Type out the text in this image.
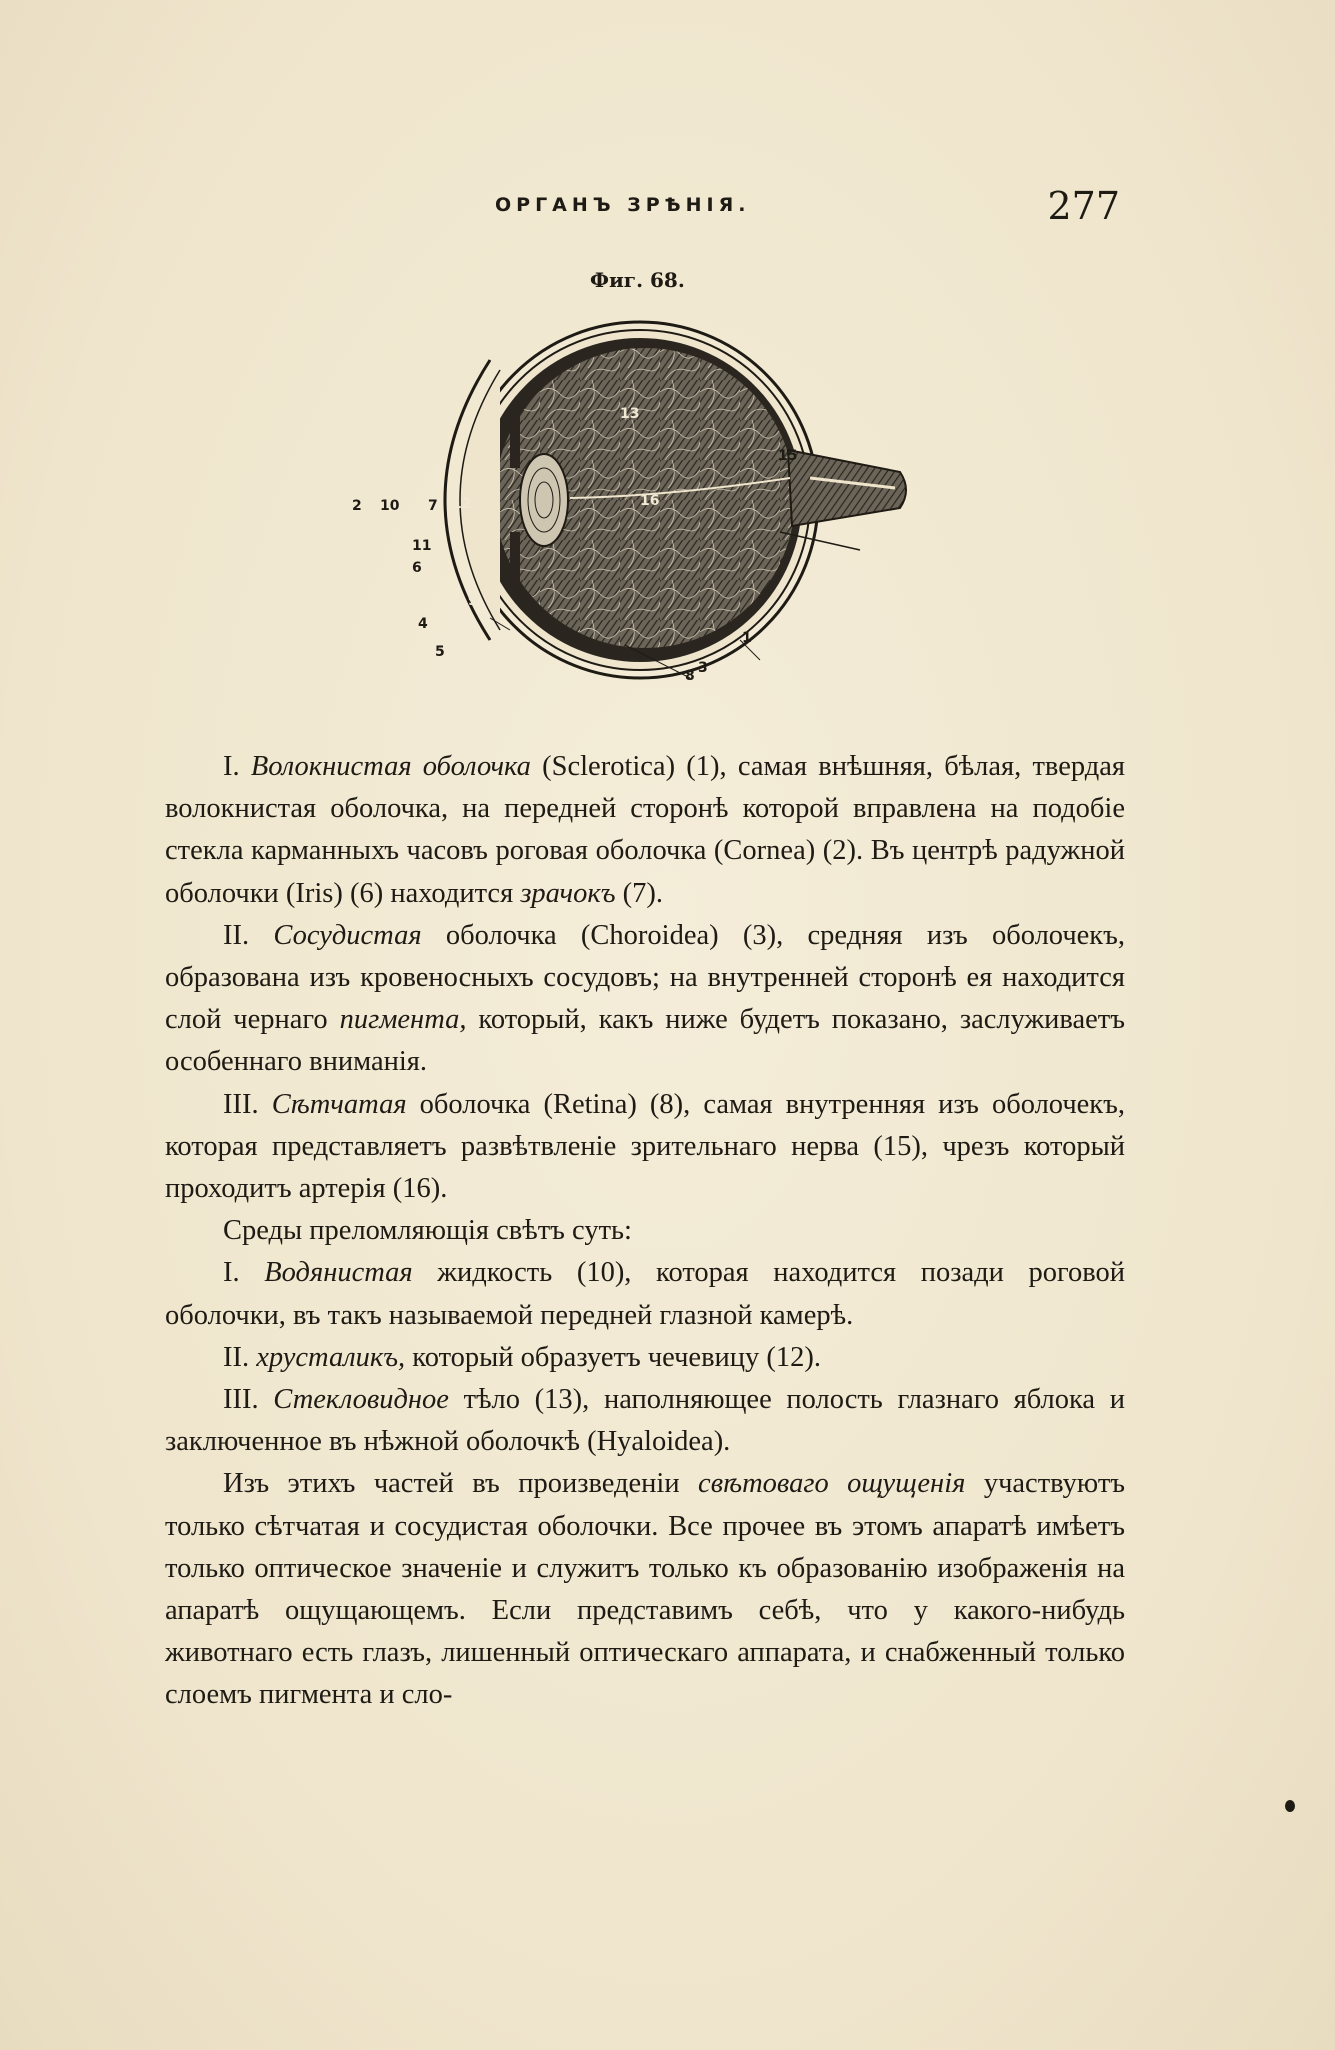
ОРГАНЪ ЗРѢНІЯ.	277
Фиг. 68.
2 10 7 12
13
16
15
11
6
9
4
5
1
8 3

I. Волокнистая оболочка (Sclerotica) (1), самая внѣшняя, бѣлая, твердая волокнистая оболочка, на передней сторонѣ которой вправлена на подобіе стекла карманныхъ часовъ роговая оболочка (Cornea) (2). Въ центрѣ радужной оболочки (Iris) (6) находится зрачокъ (7).

II. Сосудистая оболочка (Choroidea) (3), средняя изъ оболочекъ, образована изъ кровеносныхъ сосудовъ; на внутренней сторонѣ ея находится слой чернаго пигмента, который, какъ ниже будетъ показано, заслуживаетъ особеннаго вниманія.

III. Сѣтчатая оболочка (Retina) (8), самая внутренняя изъ оболочекъ, которая представляетъ развѣтвленіе зрительнаго нерва (15), чрезъ который проходитъ артерія (16).

Среды преломляющія свѣтъ суть:

I. Водянистая жидкость (10), которая находится позади роговой оболочки, въ такъ называемой передней глазной камерѣ.

II. хрусталикъ, который образуетъ чечевицу (12).

III. Стекловидное тѣло (13), наполняющее полость глазнаго яблока и заключенное въ нѣжной оболочкѣ (Hyaloidea).

Изъ этихъ частей въ произведеніи свѣтоваго ощущенія участвуютъ только сѣтчатая и сосудистая оболочки. Все прочее въ этомъ апаратѣ имѣетъ только оптическое значеніе и служитъ только къ образованію изображенія на апаратѣ ощущающемъ. Если представимъ себѣ, что у какого-нибудь животнаго есть глазъ, лишенный оптическаго аппарата, и снабженный только слоемъ пигмента и сло-
